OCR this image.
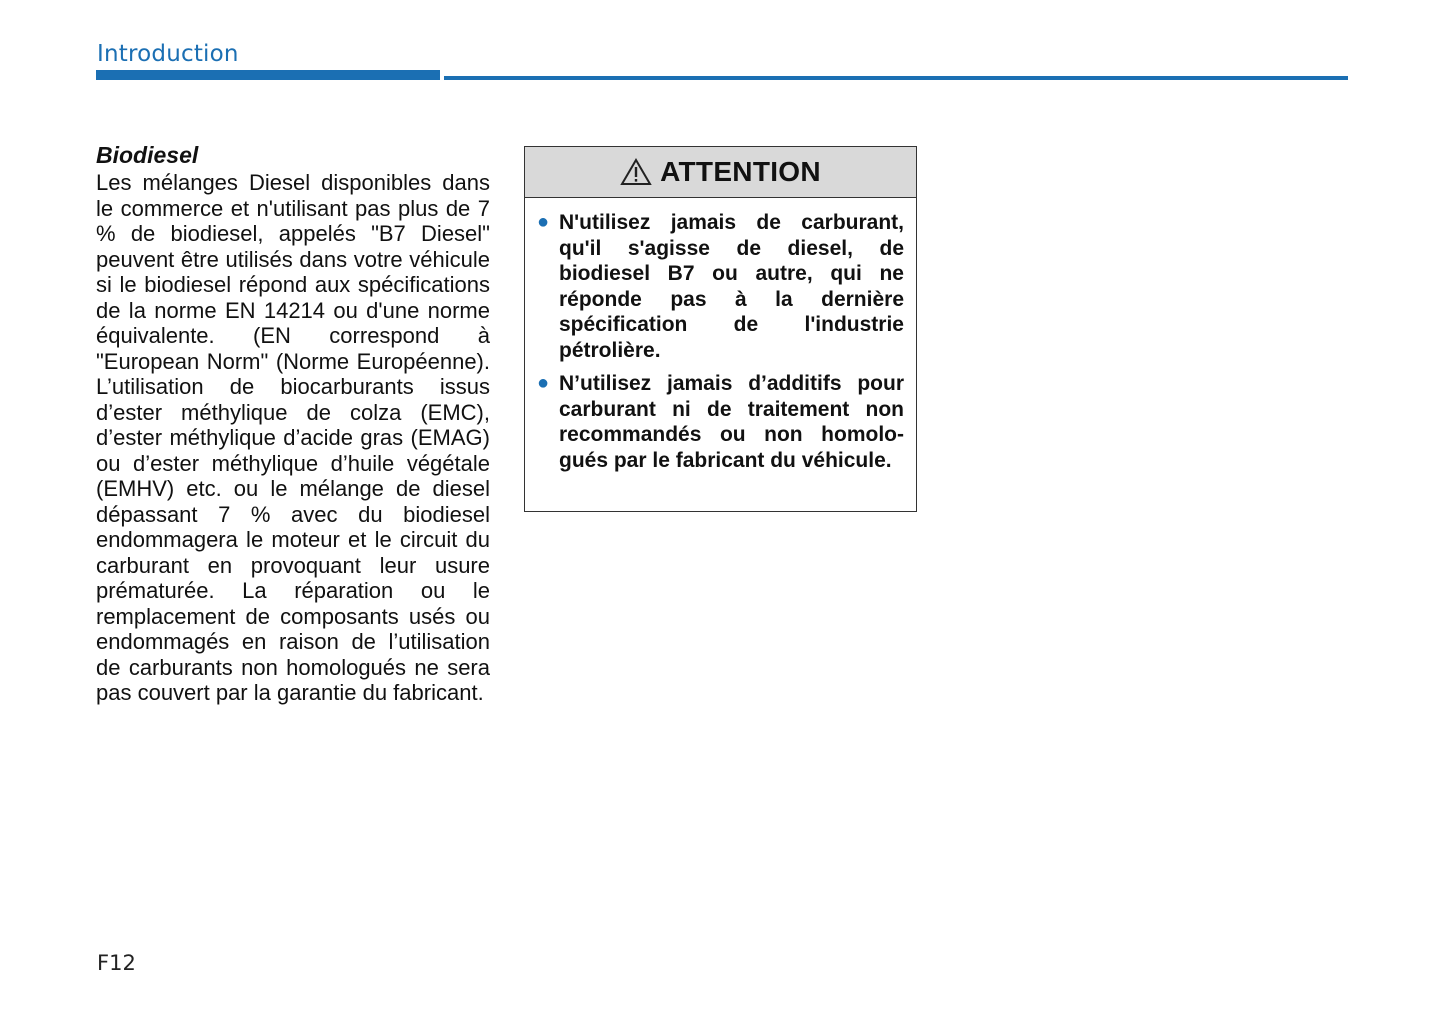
Introduction
Biodiesel

Les mélanges Diesel disponibles dans le commerce et n'utilisant pas plus de 7 % de biodiesel, appelés "B7 Diesel" peuvent être utilisés dans votre véhicule si le biodiesel répond aux spécifications de la norme EN 14214 ou d'une norme équivalente. (EN correspond à "European Norm" (Norme Européenne). L’utilisation de biocarburants issus d’ester méthylique de colza (EMC), d’ester méthylique d’acide gras (EMAG) ou d’ester méthylique d’huile végétale (EMHV) etc. ou le mélange de diesel dépassant 7 % avec du biodiesel endommagera le moteur et le circuit du carburant en provoquant leur usure prématurée. La réparation ou le remplacement de composants usés ou endommagés en raison de l’utilisation de carburants non homologués ne sera pas couvert par la garantie du fabricant.

ATTENTION
● N'utilisez jamais de carburant, qu'il s'agisse de diesel, de biodiesel B7 ou autre, qui ne réponde pas à la dernière spécification de l'industrie pétrolière.
● N’utilisez jamais d’additifs pour carburant ni de traitement non recommandés ou non homolo-gués par le fabricant du véhicule.
F12
